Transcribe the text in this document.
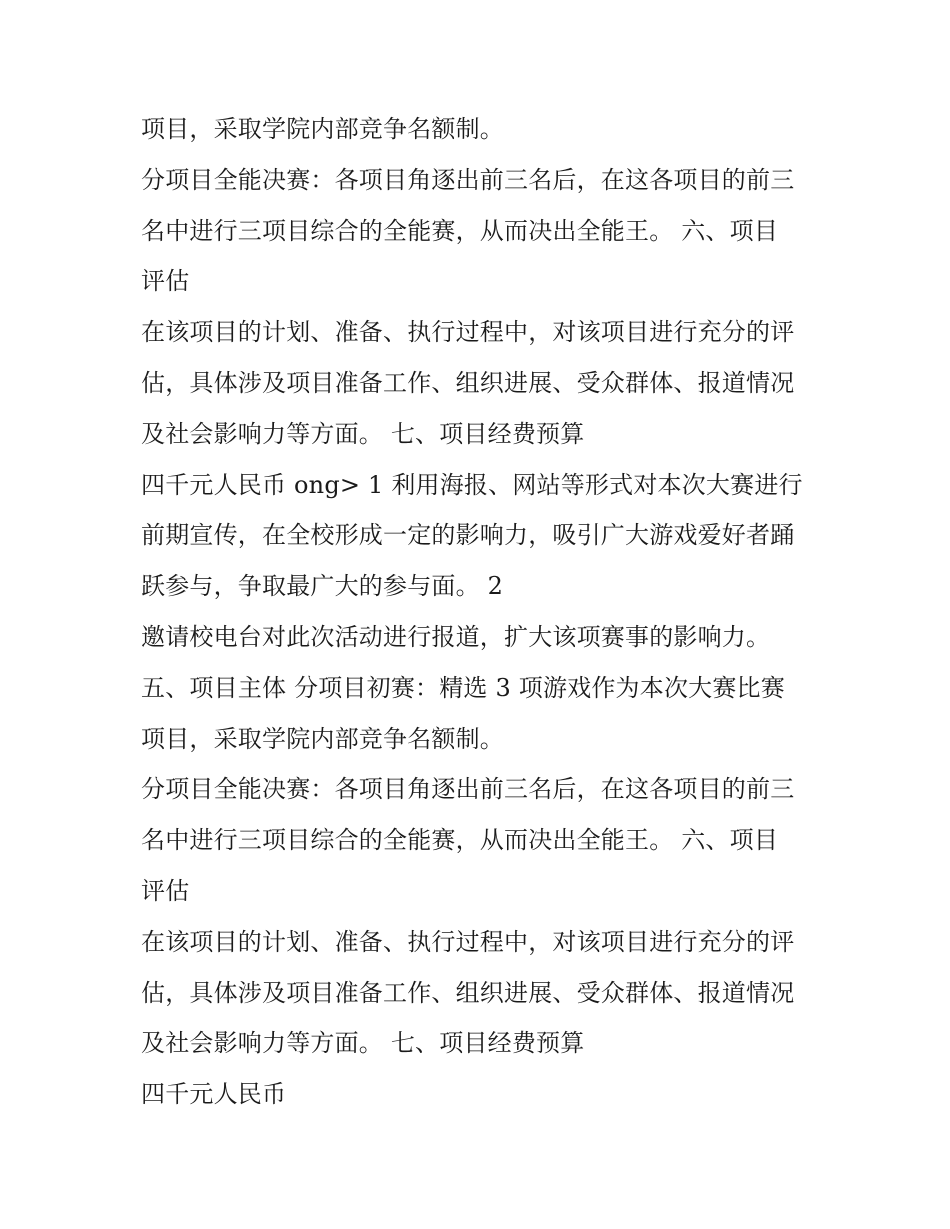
项目，采取学院内部竞争名额制。
分项目全能决赛：各项目角逐出前三名后，在这各项目的前三
名中进行三项目综合的全能赛，从而决出全能王。 六、项目
评估
在该项目的计划、准备、执行过程中，对该项目进行充分的评
估，具体涉及项目准备工作、组织进展、受众群体、报道情况
及社会影响力等方面。 七、项目经费预算
四千元人民币 ong> 1 利用海报、网站等形式对本次大赛进行
前期宣传，在全校形成一定的影响力，吸引广大游戏爱好者踊
跃参与，争取最广大的参与面。 2
邀请校电台对此次活动进行报道，扩大该项赛事的影响力。
五、项目主体 分项目初赛：精选 3 项游戏作为本次大赛比赛
项目，采取学院内部竞争名额制。
分项目全能决赛：各项目角逐出前三名后，在这各项目的前三
名中进行三项目综合的全能赛，从而决出全能王。 六、项目
评估
在该项目的计划、准备、执行过程中，对该项目进行充分的评
估，具体涉及项目准备工作、组织进展、受众群体、报道情况
及社会影响力等方面。 七、项目经费预算
四千元人民币
